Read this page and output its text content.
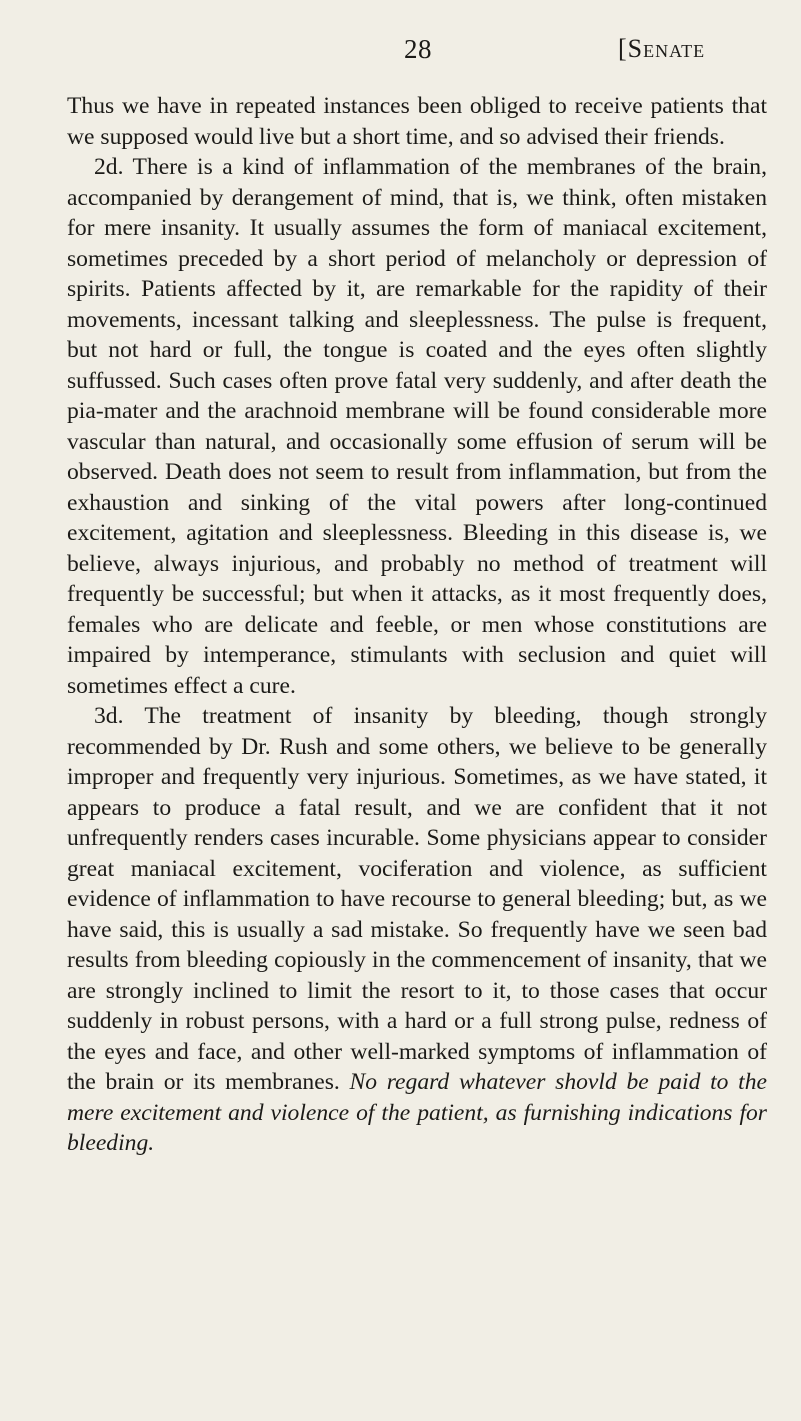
28	[Senate

Thus we have in repeated instances been obliged to receive patients that we supposed would live but a short time, and so advised their friends.

2d. There is a kind of inflammation of the membranes of the brain, accompanied by derangement of mind, that is, we think, often mistaken for mere insanity. It usually assumes the form of maniacal excitement, sometimes preceded by a short period of melancholy or depression of spirits. Patients affected by it, are remarkable for the rapidity of their movements, incessant talking and sleeplessness. The pulse is frequent, but not hard or full, the tongue is coated and the eyes often slightly suffussed. Such cases often prove fatal very suddenly, and after death the pia-mater and the arachnoid membrane will be found considerable more vascular than natural, and occasionally some effusion of serum will be observed. Death does not seem to result from inflammation, but from the exhaustion and sinking of the vital powers after long-continued excitement, agitation and sleeplessness. Bleeding in this disease is, we believe, always injurious, and probably no method of treatment will frequently be successful; but when it attacks, as it most frequently does, females who are delicate and feeble, or men whose constitutions are impaired by intemperance, stimulants with seclusion and quiet will sometimes effect a cure.

3d. The treatment of insanity by bleeding, though strongly recommended by Dr. Rush and some others, we believe to be generally improper and frequently very injurious. Sometimes, as we have stated, it appears to produce a fatal result, and we are confident that it not unfrequently renders cases incurable. Some physicians appear to consider great maniacal excitement, vociferation and violence, as sufficient evidence of inflammation to have recourse to general bleeding; but, as we have said, this is usually a sad mistake. So frequently have we seen bad results from bleeding copiously in the commencement of insanity, that we are strongly inclined to limit the resort to it, to those cases that occur suddenly in robust persons, with a hard or a full strong pulse, redness of the eyes and face, and other well-marked symptoms of inflammation of the brain or its membranes. No regard whatever shovld be paid to the mere excitement and violence of the patient, as furnishing indications for bleeding.
